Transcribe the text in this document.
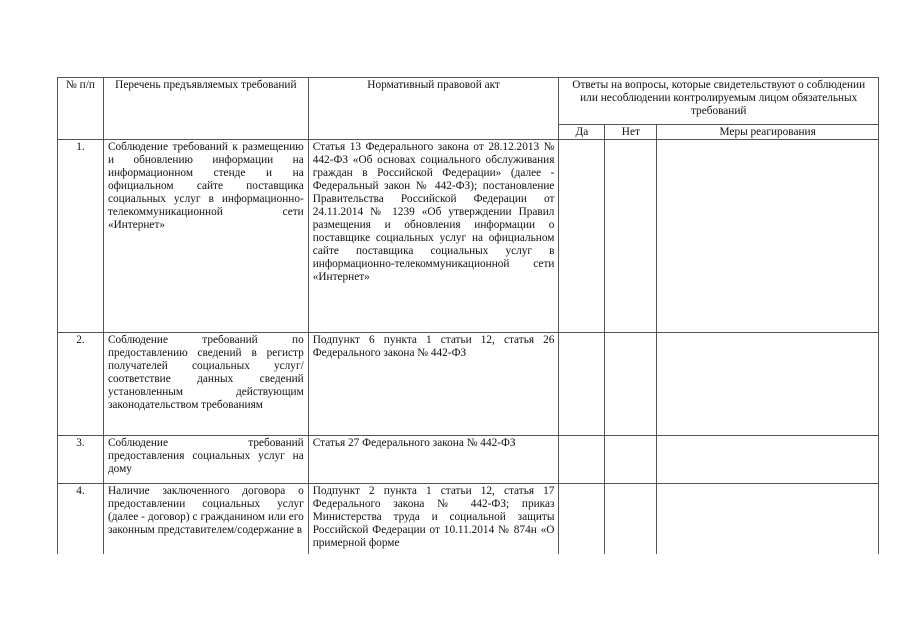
№ п/п	Перечень предъявляемых требований	Нормативный правовой акт	Ответы на вопросы, которые свидетельствуют о соблюдении или несоблюдении контролируемым лицом обязательных требований		
			Да	Нет	Меры реагирования
1.	Соблюдение требований к размещению и обновлению информации на информационном стенде и на официальном сайте поставщика социальных услуг в информационно-телекоммуникационной сети «Интернет»	Статья 13 Федерального закона от 28.12.2013 № 442-ФЗ «Об основах социального обслуживания граждан в Российской Федерации» (далее - Федеральный закон № 442-ФЗ); постановление Правительства Российской Федерации от 24.11.2014 № 1239 «Об утверждении Правил размещения и обновления информации о поставщике социальных услуг на официальном сайте поставщика социальных услуг в информационно-телекоммуникационной сети «Интернет»			
2.	Соблюдение требований по предоставлению сведений в регистр получателей социальных услуг/соответствие данных сведений установленным действующим законодательством требованиям	Подпункт 6 пункта 1 статьи 12, статья 26 Федерального закона № 442-ФЗ			
3.	Соблюдение требований предоставления социальных услуг на дому	Статья 27 Федерального закона № 442-ФЗ			
4.	Наличие заключенного договора о предоставлении социальных услуг (далее - договор) с гражданином или его законным представителем/содержание в	Подпункт 2 пункта 1 статьи 12, статья 17 Федерального закона № 442-ФЗ; приказ Министерства труда и социальной защиты Российской Федерации от 10.11.2014 № 874н «О примерной форме			
